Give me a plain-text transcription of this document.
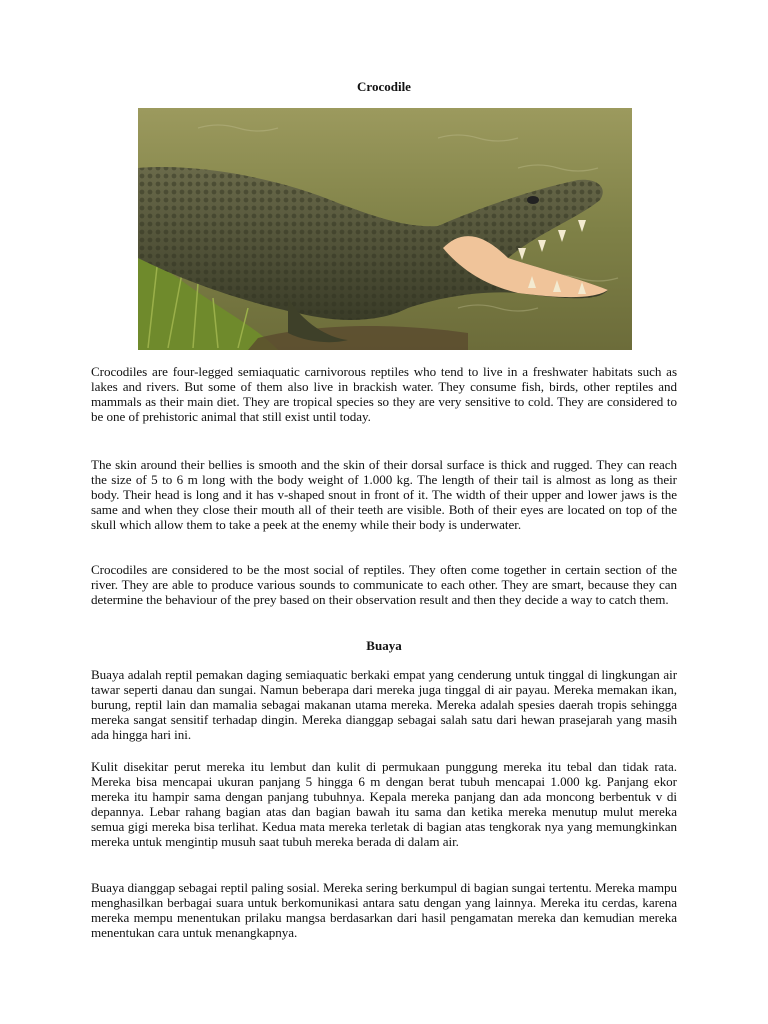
Crocodile

Crocodiles are four-legged semiaquatic carnivorous reptiles who tend to live in a freshwater habitats such as lakes and rivers. But some of them also live in brackish water. They consume fish, birds, other reptiles and mammals as their main diet. They are tropical species so they are very sensitive to cold. They are considered to be one of prehistoric animal that still exist until today.

The skin around their bellies is smooth and the skin of their dorsal surface is thick and rugged. They can reach the size of 5 to 6 m long with the body weight of 1.000 kg. The length of their tail is almost as long as their body. Their head is long and it has v-shaped snout in front of it. The width of their upper and lower jaws is the same and when they close their mouth all of their teeth are visible. Both of their eyes are located on top of the skull which allow them to take a peek at the enemy while their body is underwater.

Crocodiles are considered to be the most social of reptiles. They often come together in certain section of the river. They are able to produce various sounds to communicate to each other. They are smart, because they can determine the behaviour of the prey based on their observation result and then they decide a way to catch them.

Buaya

Buaya adalah reptil pemakan daging semiaquatic berkaki empat yang cenderung untuk tinggal di lingkungan air tawar seperti danau dan sungai. Namun beberapa dari mereka juga tinggal di air payau. Mereka memakan ikan, burung, reptil lain dan mamalia sebagai makanan utama mereka. Mereka adalah spesies daerah tropis sehingga mereka sangat sensitif terhadap dingin. Mereka dianggap sebagai salah satu dari hewan prasejarah yang masih ada hingga hari ini.

Kulit disekitar perut mereka itu lembut dan kulit di permukaan punggung mereka itu tebal dan tidak rata. Mereka bisa mencapai ukuran panjang 5 hingga 6 m dengan berat tubuh mencapai 1.000 kg. Panjang ekor mereka itu hampir sama dengan panjang tubuhnya. Kepala mereka panjang dan ada moncong berbentuk v di depannya. Lebar rahang bagian atas dan bagian bawah itu sama dan ketika mereka menutup mulut mereka semua gigi mereka bisa terlihat. Kedua mata mereka terletak di bagian atas tengkorak nya yang memungkinkan mereka untuk mengintip musuh saat tubuh mereka berada di dalam air.

Buaya dianggap sebagai reptil paling sosial. Mereka sering berkumpul di bagian sungai tertentu. Mereka mampu menghasilkan berbagai suara untuk berkomunikasi antara satu dengan yang lainnya. Mereka itu cerdas, karena mereka mempu menentukan prilaku mangsa berdasarkan dari hasil pengamatan mereka dan kemudian mereka menentukan cara untuk menangkapnya.
